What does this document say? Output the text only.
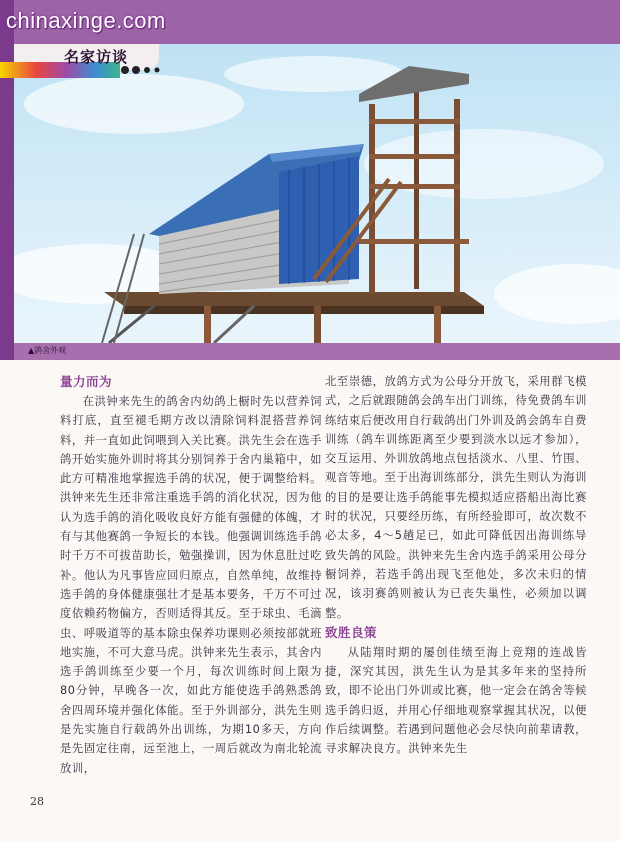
chinaxinge.com
名家访谈
▲鸽舍外观
量力而为

在洪钟来先生的鸽舍内幼鸽上橱时先以营养饲料打底，直至褪毛期方改以清除饲料混搭营养饲料，并一直如此饲喂到入关比赛。洪先生会在选手鸽开始实施外训时将其分别饲养于舍内巢箱中，如此方可精准地掌握选手鸽的状况，便于调整给料。洪钟来先生还非常注重选手鸽的消化状况，因为他认为选手鸽的消化吸收良好方能有强健的体魄，才有与其他赛鸽一争短长的本钱。他强调训练选手鸽时千万不可拔苗助长，勉强操训，因为休息肚过吃补。他认为凡事皆应回归原点，自然单纯，故维持选手鸽的身体健康强壮才是基本要务，千万不可过度依赖药物偏方，否则适得其反。至于球虫、毛滴虫、呼吸道等的基本除虫保养功课则必须按部就班地实施，不可大意马虎。洪钟来先生表示，其舍内选手鸽训练至少要一个月，每次训练时间上限为80分钟，早晚各一次，如此方能使选手鸽熟悉鸽舍四周环境并强化体能。至于外训部分，洪先生则是先实施自行载鸽外出训练，为期10多天，方向是先固定往南，远至池上，一周后就改为南北轮流放训，

北至崇德，放鸽方式为公母分开放飞，采用群飞模式，之后就跟随鸽会鸽车出门训练，待免费鸽车训练结束后便改用自行载鸽出门外训及鸽会鸽车自费训练（鸽车训练距离至少要到淡水以远才参加），交互运用、外训放鸽地点包括淡水、八里、竹围、观音等地。至于出海训练部分，洪先生则认为海训的目的是要让选手鸽能事先模拟适应搭船出海比赛时的状况，只要经历练，有所经验即可，故次数不必太多，4～5趟足已，如此可降低因出海训练导致失鸽的风险。洪钟来先生舍内选手鸽采用公母分橱饲养，若选手鸽出现飞至他处，多次未归的情况，该羽赛鸽则被认为已丧失巢性，必须加以调整。

致胜良策

从陆翔时期的屡创佳绩至海上竞翔的连战皆捷，深究其因，洪先生认为是其多年来的坚持所致，即不论出门外训或比赛，他一定会在鸽舍等候选手鸽归返，并用心仔细地观察掌握其状况，以便作后续调整。若遇到问题他必会尽快向前辈请教，寻求解决良方。洪钟来先生

28
